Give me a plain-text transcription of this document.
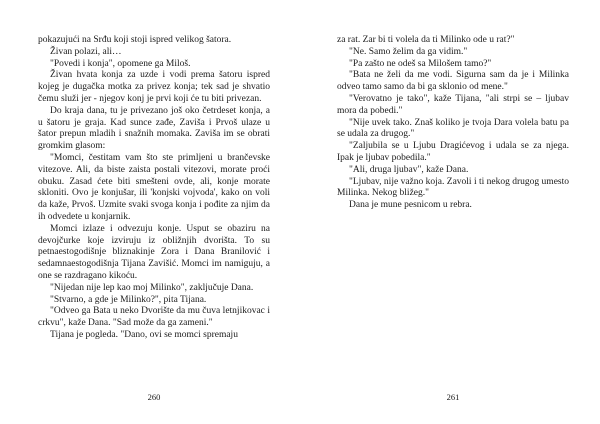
pokazujući na Srđu koji stoji ispred velikog šatora.

Živan polazi, ali…

"Povedi i konja", opomene ga Miloš.

Živan hvata konja za uzde i vodi prema šatoru ispred kojeg je dugačka motka za privez konja; tek sad je shvatio čemu služi jer - njegov konj je prvi koji će tu biti privezan.

Do kraja dana, tu je privezano još oko četrdeset konja, a u šatoru je graja. Kad sunce zađe, Zaviša i Prvoš ulaze u šator prepun mladih i snažnih momaka. Zaviša im se obrati gromkim glasom:

"Momci, čestitam vam što ste primljeni u brančevske vitezove. Ali, da biste zaista postali vitezovi, morate proći obuku. Zasad ćete biti smešteni ovde, ali, konje morate skloniti. Ovo je konjušar, ili 'konjski vojvoda', kako on voli da kaže, Prvoš. Uzmite svaki svoga konja i pođite za njim da ih odvedete u konjarnik.

Momci izlaze i odvezuju konje. Usput se obaziru na devojčurke koje izviruju iz obližnjih dvorišta. To su petnaestogodišnje bliznakinje Zora i Dana Branilović i sedamnaestogodišnja Tijana Zavišić. Momci im namiguju, a one se razdragano kikoću.

"Nijedan nije lep kao moj Milinko", zaključuje Dana.

"Stvarno, a gde je Milinko?", pita Tijana.

"Odveo ga Bata u neko Dvorište da mu čuva letnjikovac i crkvu", kaže Dana. "Sad može da ga zameni."

Tijana je pogleda. "Dano, ovi se momci spremaju

260

za rat. Zar bi ti volela da ti Milinko ode u rat?"

"Ne. Samo želim da ga vidim."

"Pa zašto ne odeš sa Milošem tamo?"

"Bata ne želi da me vodi. Sigurna sam da je i Milinka odveo tamo samo da bi ga sklonio od mene."

"Verovatno je tako", kaže Tijana, "ali strpi se – ljubav mora da pobedi."

"Nije uvek tako. Znaš koliko je tvoja Dara volela batu pa se udala za drugog."

"Zaljubila se u Ljubu Dragićevog i udala se za njega. Ipak je ljubav pobedila."

"Ali, druga ljubav", kaže Dana.

"Ljubav, nije važno koja. Zavoli i ti nekog drugog umesto Milinka. Nekog bližeg."

Dana je mune pesnicom u rebra.

261
